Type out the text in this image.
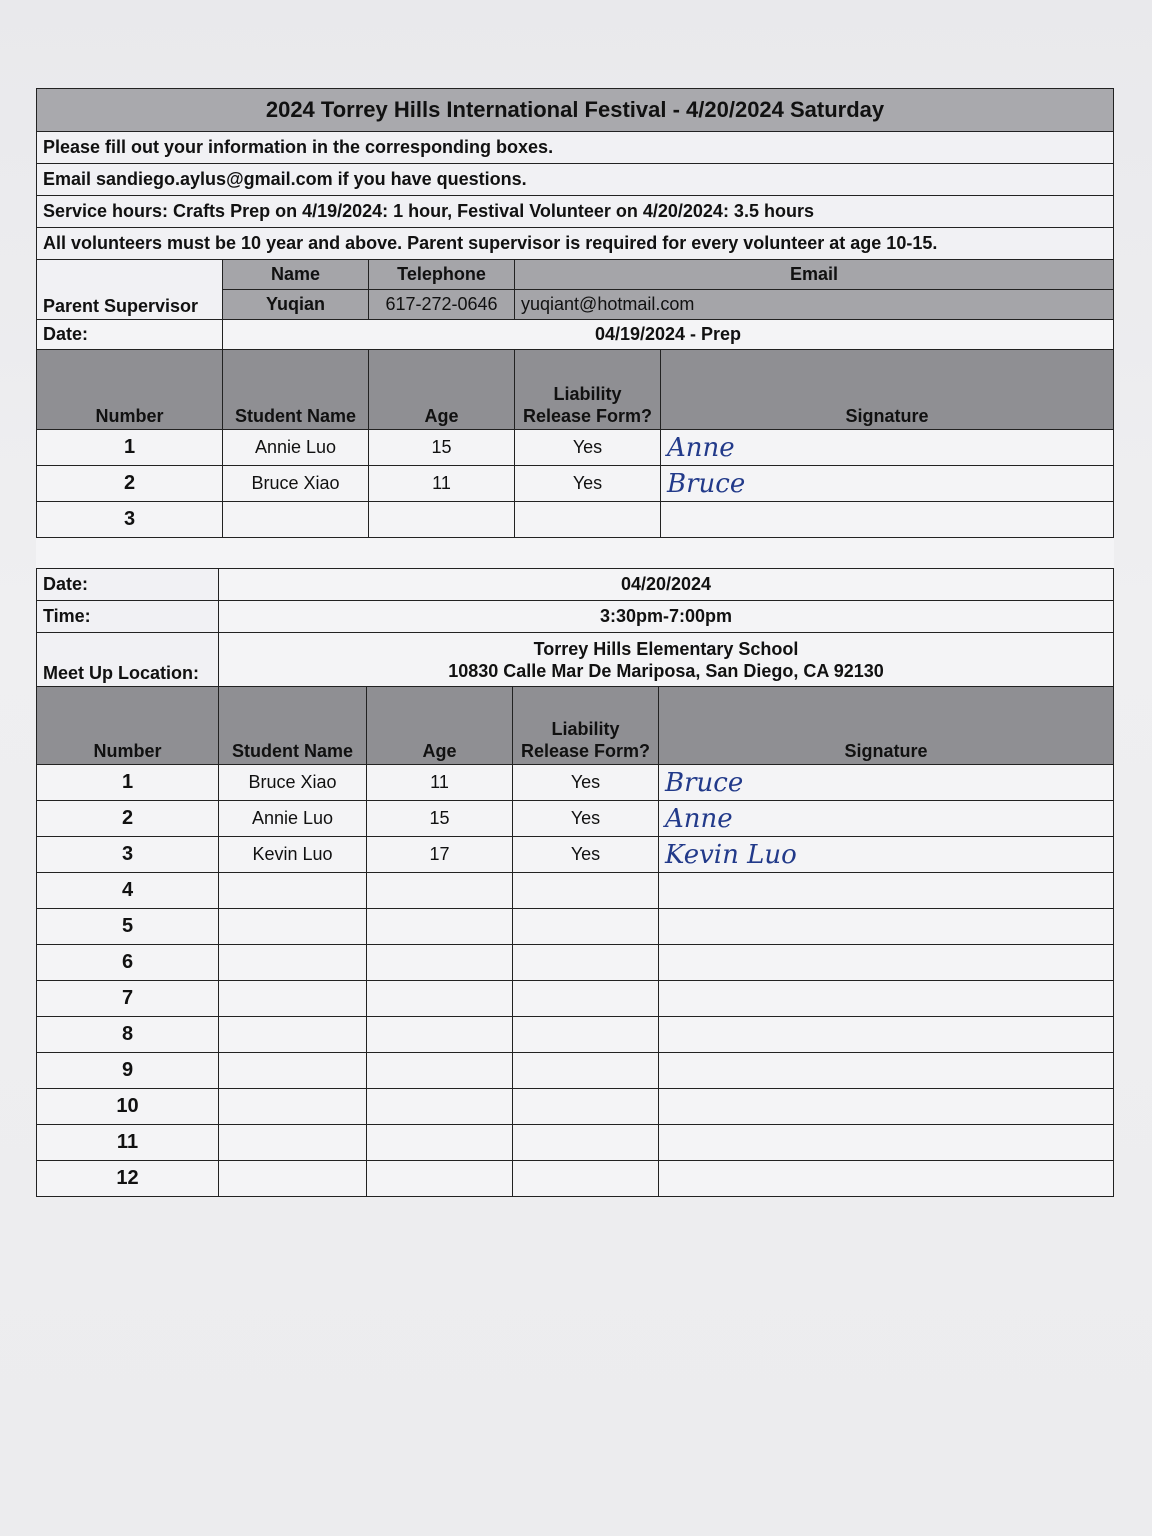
2024 Torrey Hills International Festival - 4/20/2024 Saturday				
Please fill out your information in the corresponding boxes.				
Email sandiego.aylus@gmail.com if you have questions.				
Service hours: Crafts Prep on 4/19/2024: 1 hour, Festival Volunteer on 4/20/2024: 3.5 hours				
All volunteers must be 10 year and above. Parent supervisor is required for every volunteer at age 10-15.				
Parent Supervisor	Name	Telephone	Email	
	Yuqian	617-272-0646	yuqiant@hotmail.com	
Date:	04/19/2024 - Prep			
Number	Student Name	Age	Liability Release Form?	Signature
1	Annie Luo	15	Yes	Anne
2	Bruce Xiao	11	Yes	Bruce
3				
Date:	04/20/2024			
Time:	3:30pm-7:00pm			
Meet Up Location:	Torrey Hills Elementary School
10830 Calle Mar De Mariposa, San Diego, CA 92130			

Number	Student Name	Age	Liability Release Form?	Signature
1	Bruce Xiao	11	Yes	Bruce
2	Annie Luo	15	Yes	Anne
3	Kevin Luo	17	Yes	Kevin Luo
4				
5				
6				
7				
8				
9				
10				
11				
12				
